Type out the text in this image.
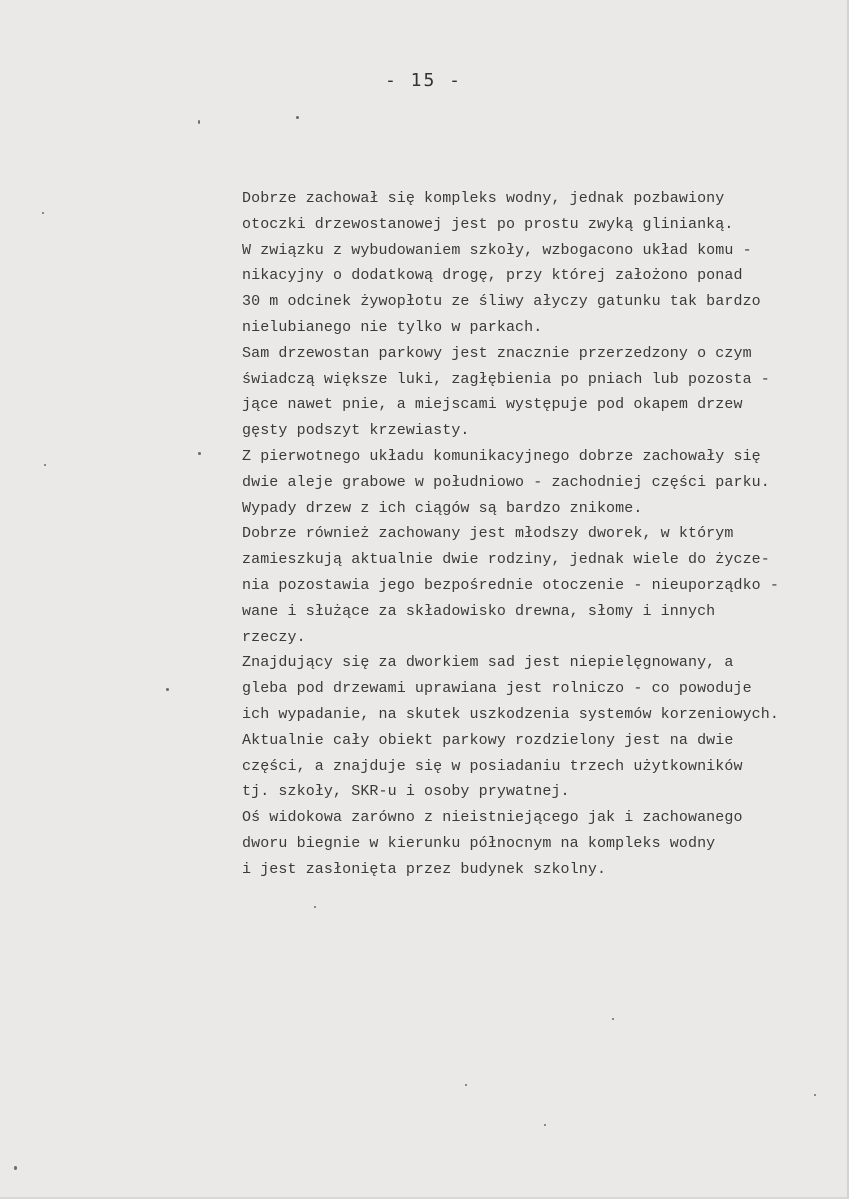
- 15 -
Dobrze zachował się kompleks wodny, jednak pozbawiony
otoczki drzewostanowej jest po prostu zwyką glinianką.
W związku z wybudowaniem szkoły, wzbogacono układ komu -
nikacyjny o dodatkową drogę, przy której założono ponad
30 m odcinek żywopłotu ze śliwy ałyczy gatunku tak bardzo
nielubianego nie tylko w parkach.
Sam drzewostan parkowy jest znacznie przerzedzony o czym
świadczą większe luki, zagłębienia po pniach lub pozosta -
jące nawet pnie, a miejscami występuje pod okapem drzew
gęsty podszyt krzewiasty.
Z pierwotnego układu komunikacyjnego dobrze zachowały się
dwie aleje grabowe w południowo - zachodniej części parku.
Wypady drzew z ich ciągów są bardzo znikome.
Dobrze również zachowany jest młodszy dworek, w którym
zamieszkują aktualnie dwie rodziny, jednak wiele do życze-
nia pozostawia jego bezpośrednie otoczenie - nieuporządko -
wane i służące za składowisko drewna, słomy i innych
rzeczy.
Znajdujący się za dworkiem sad jest niepielęgnowany, a
gleba pod drzewami uprawiana jest rolniczo - co powoduje
ich wypadanie, na skutek uszkodzenia systemów korzeniowych.
Aktualnie cały obiekt parkowy rozdzielony jest na dwie
części, a znajduje się w posiadaniu trzech użytkowników
tj. szkoły, SKR-u i osoby prywatnej.
Oś widokowa zarówno z nieistniejącego jak i zachowanego
dworu biegnie w kierunku północnym na kompleks wodny
i jest zasłonięta przez budynek szkolny.
